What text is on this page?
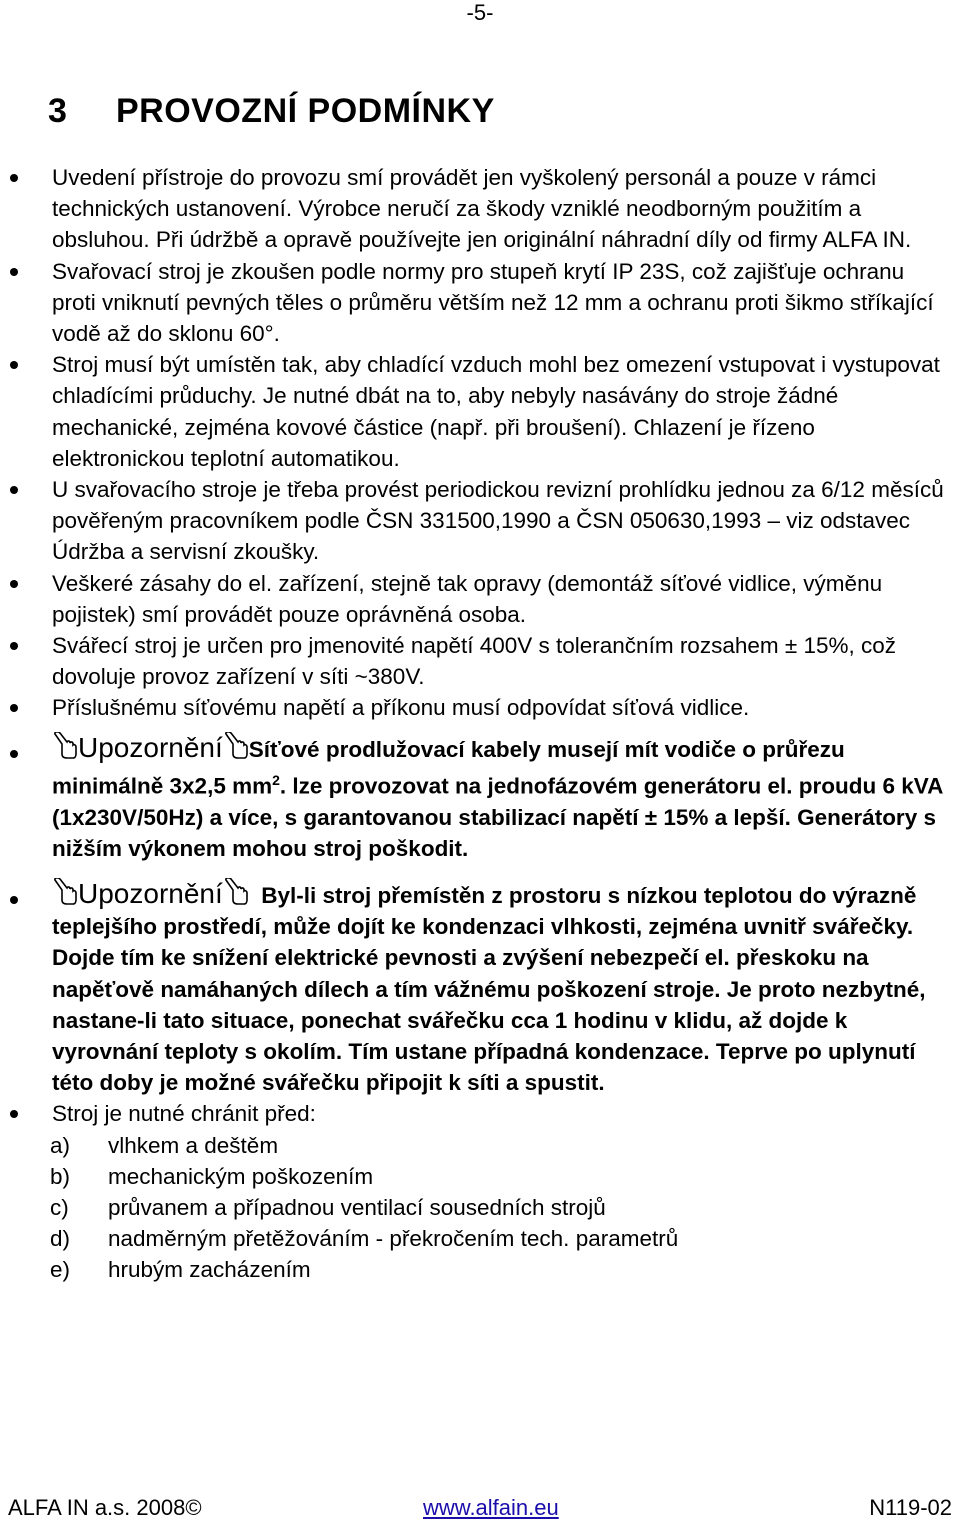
-5-
3 PROVOZNÍ PODMÍNKY

Uvedení přístroje do provozu smí provádět jen vyškolený personál a pouze v rámci technických ustanovení. Výrobce neručí za škody vzniklé neodborným použitím a obsluhou. Při údržbě a opravě používejte jen originální náhradní díly od firmy ALFA IN.

Svařovací stroj je zkoušen podle normy pro stupeň krytí IP 23S, což zajišťuje ochranu proti vniknutí pevných těles o průměru větším než 12 mm a ochranu proti šikmo stříkající vodě až do sklonu 60°.

Stroj musí být umístěn tak, aby chladící vzduch mohl bez omezení vstupovat i vystupovat chladícími průduchy. Je nutné dbát na to, aby nebyly nasávány do stroje žádné mechanické, zejména kovové částice (např. při broušení). Chlazení je řízeno elektronickou teplotní automatikou.

U svařovacího stroje je třeba provést periodickou revizní prohlídku jednou za 6/12 měsíců pověřeným pracovníkem podle ČSN 331500,1990 a ČSN 050630,1993 – viz odstavec Údržba a servisní zkoušky.

Veškeré zásahy do el. zařízení, stejně tak opravy (demontáž síťové vidlice, výměnu pojistek) smí provádět pouze oprávněná osoba.

Svářecí stroj je určen pro jmenovité napětí 400V s tolerančním rozsahem ± 15%, což dovoluje provoz zařízení v síti ~380V.

Příslušnému síťovému napětí a příkonu musí odpovídat síťová vidlice.

Upozornění Síťové prodlužovací kabely musejí mít vodiče o průřezu minimálně 3x2,5 $mm^2$. lze provozovat na jednofázovém generátoru el. proudu 6 kVA (1x230V/50Hz) a více, s garantovanou stabilizací napětí ± 15% a lepší. Generátory s nižším výkonem mohou stroj poškodit.

Upozornění Byl-li stroj přemístěn z prostoru s nízkou teplotou do výrazně teplejšího prostředí, může dojít ke kondenzaci vlhkosti, zejména uvnitř svářečky. Dojde tím ke snížení elektrické pevnosti a zvýšení nebezpečí el. přeskoku na napěťově namáhaných dílech a tím vážnému poškození stroje. Je proto nezbytné, nastane-li tato situace, ponechat svářečku cca 1 hodinu v klidu, až dojde k vyrovnání teploty s okolím. Tím ustane případná kondenzace. Teprve po uplynutí této doby je možné svářečku připojit k síti a spustit.

Stroj je nutné chránit před:

a) vlhkem a deštěm
b) mechanickým poškozením
c) průvanem a případnou ventilací sousedních strojů
d) nadměrným přetěžováním - překročením tech. parametrů
e) hrubým zacházením
ALFA IN a.s. 2008©	www.alfain.eu	N119-02
